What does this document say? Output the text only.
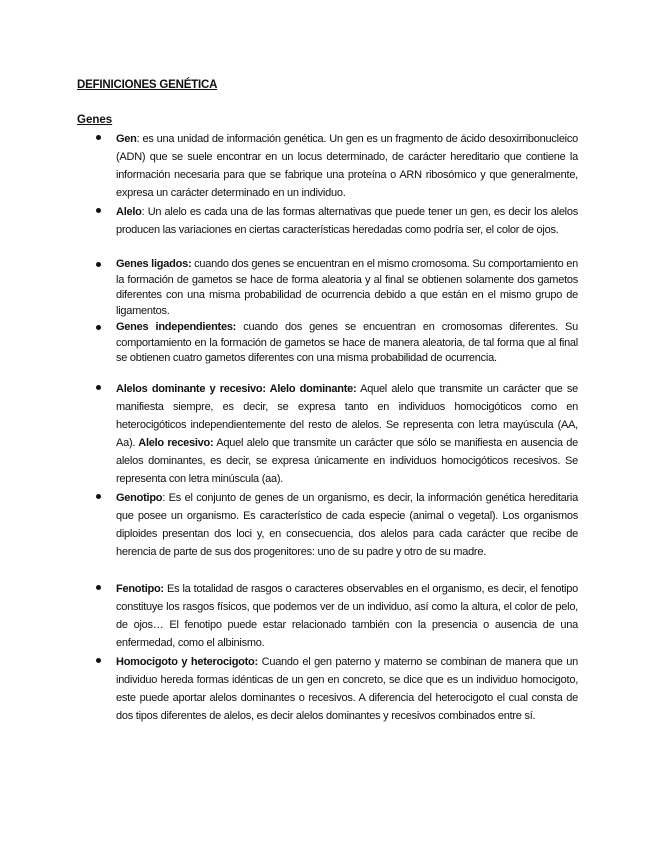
DEFINICIONES GENÉTICA
Genes
Gen: es una unidad de información genética. Un gen es un fragmento de ácido desoxirribonucleico (ADN) que se suele encontrar en un locus determinado, de carácter hereditario que contiene la información necesaria para que se fabrique una proteína o ARN ribosómico y que generalmente, expresa un carácter determinado en un individuo.
Alelo: Un alelo es cada una de las formas alternativas que puede tener un gen, es decir los alelos producen las variaciones en ciertas características heredadas como podría ser, el color de ojos.
Genes ligados: cuando dos genes se encuentran en el mismo cromosoma. Su comportamiento en la formación de gametos se hace de forma aleatoria y al final se obtienen solamente dos gametos diferentes con una misma probabilidad de ocurrencia debido a que están en el mismo grupo de ligamentos.
Genes independientes: cuando dos genes se encuentran en cromosomas diferentes. Su comportamiento en la formación de gametos se hace de manera aleatoria, de tal forma que al final se obtienen cuatro gametos diferentes con una misma probabilidad de ocurrencia.
Alelos dominante y recesivo: Alelo dominante: Aquel alelo que transmite un carácter que se manifiesta siempre, es decir, se expresa tanto en individuos homocigóticos como en heterocigóticos independientemente del resto de alelos. Se representa con letra mayúscula (AA, Aa). Alelo recesivo: Aquel alelo que transmite un carácter que sólo se manifiesta en ausencia de alelos dominantes, es decir, se expresa únicamente en individuos homocigóticos recesivos. Se representa con letra minúscula (aa).
Genotipo: Es el conjunto de genes de un organismo, es decir, la información genética hereditaria que posee un organismo. Es característico de cada especie (animal o vegetal). Los organismos diploides presentan dos loci y, en consecuencia, dos alelos para cada carácter que recibe de herencia de parte de sus dos progenitores: uno de su padre y otro de su madre.
Fenotipo: Es la totalidad de rasgos o caracteres observables en el organismo, es decir, el fenotipo constituye los rasgos físicos, que podemos ver de un individuo, así como la altura, el color de pelo, de ojos… El fenotipo puede estar relacionado también con la presencia o ausencia de una enfermedad, como el albinismo.
Homocigoto y heterocigoto: Cuando el gen paterno y materno se combinan de manera que un individuo hereda formas idénticas de un gen en concreto, se dice que es un individuo homocigoto, este puede aportar alelos dominantes o recesivos. A diferencia del heterocigoto el cual consta de dos tipos diferentes de alelos, es decir alelos dominantes y recesivos combinados entre sí.
